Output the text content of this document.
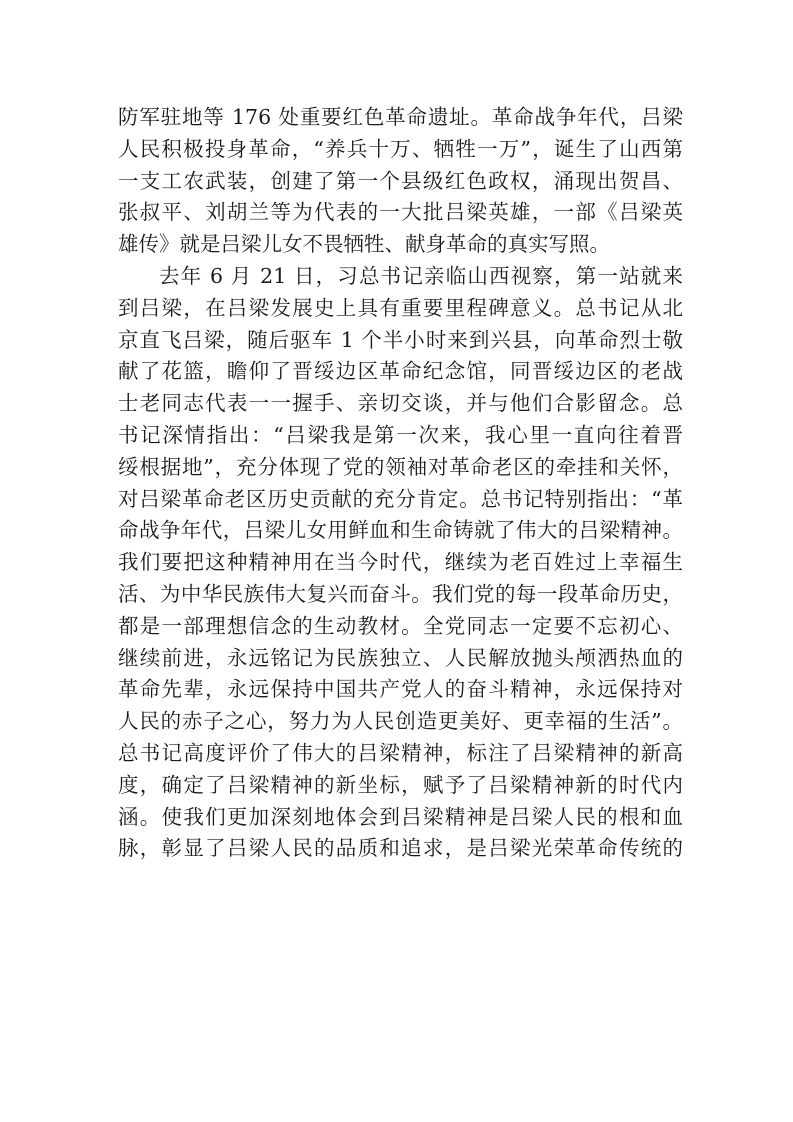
防军驻地等 176 处重要红色革命遗址。革命战争年代，吕梁
人民积极投身革命，“养兵十万、牺牲一万”，诞生了山西第
一支工农武装，创建了第一个县级红色政权，涌现出贺昌、
张叔平、刘胡兰等为代表的一大批吕梁英雄，一部《吕梁英
雄传》就是吕梁儿女不畏牺牲、献身革命的真实写照。
去年 6 月 21 日，习总书记亲临山西视察，第一站就来
到吕梁，在吕梁发展史上具有重要里程碑意义。总书记从北
京直飞吕梁，随后驱车 1 个半小时来到兴县，向革命烈士敬
献了花篮，瞻仰了晋绥边区革命纪念馆，同晋绥边区的老战
士老同志代表一一握手、亲切交谈，并与他们合影留念。总
书记深情指出：“吕梁我是第一次来，我心里一直向往着晋
绥根据地”，充分体现了党的领袖对革命老区的牵挂和关怀，
对吕梁革命老区历史贡献的充分肯定。总书记特别指出：“革
命战争年代，吕梁儿女用鲜血和生命铸就了伟大的吕梁精神。
我们要把这种精神用在当今时代，继续为老百姓过上幸福生
活、为中华民族伟大复兴而奋斗。我们党的每一段革命历史，
都是一部理想信念的生动教材。全党同志一定要不忘初心、
继续前进，永远铭记为民族独立、人民解放抛头颅洒热血的
革命先辈，永远保持中国共产党人的奋斗精神，永远保持对
人民的赤子之心，努力为人民创造更美好、更幸福的生活”。
总书记高度评价了伟大的吕梁精神，标注了吕梁精神的新高
度，确定了吕梁精神的新坐标，赋予了吕梁精神新的时代内
涵。使我们更加深刻地体会到吕梁精神是吕梁人民的根和血
脉，彰显了吕梁人民的品质和追求，是吕梁光荣革命传统的
